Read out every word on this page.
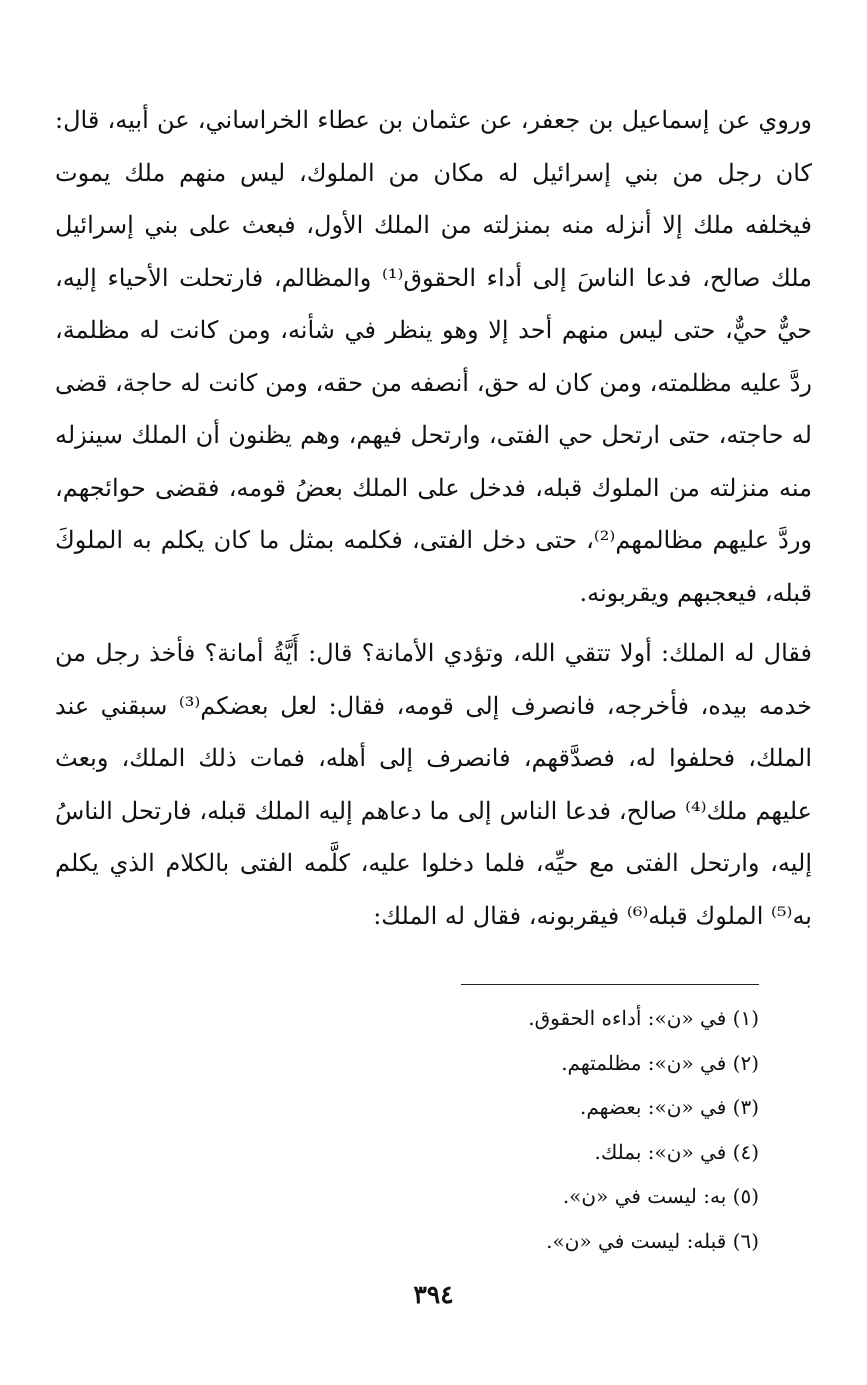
وروي عن إسماعيل بن جعفر، عن عثمان بن عطاء الخراساني، عن أبيه، قال: كان رجل من بني إسرائيل له مكان من الملوك، ليس منهم ملك يموت فيخلفه ملك إلا أنزله منه بمنزلته من الملك الأول، فبعث على بني إسرائيل ملك صالح، فدعا الناسَ إلى أداء الحقوق⁽¹⁾ والمظالم، فارتحلت الأحياء إليه، حيٌّ حيٌّ، حتى ليس منهم أحد إلا وهو ينظر في شأنه، ومن كانت له مظلمة، ردَّ عليه مظلمته، ومن كان له حق، أنصفه من حقه، ومن كانت له حاجة، قضى له حاجته، حتى ارتحل حي الفتى، وارتحل فيهم، وهم يظنون أن الملك سينزله منه منزلته من الملوك قبله، فدخل على الملك بعضُ قومه، فقضى حوائجهم، وردَّ عليهم مظالمهم⁽²⁾، حتى دخل الفتى، فكلمه بمثل ما كان يكلم به الملوكَ قبله، فيعجبهم ويقربونه.

فقال له الملك: أولا تتقي الله، وتؤدي الأمانة؟ قال: أَيَّةُ أمانة؟ فأخذ رجل من خدمه بيده، فأخرجه، فانصرف إلى قومه، فقال: لعل بعضكم⁽³⁾ سبقني عند الملك، فحلفوا له، فصدَّقهم، فانصرف إلى أهله، فمات ذلك الملك، وبعث عليهم ملك⁽⁴⁾ صالح، فدعا الناس إلى ما دعاهم إليه الملك قبله، فارتحل الناسُ إليه، وارتحل الفتى مع حيِّه، فلما دخلوا عليه، كلَّمه الفتى بالكلام الذي يكلم به⁽⁵⁾ الملوك قبله⁽⁶⁾ فيقربونه، فقال له الملك:

(١) في «ن»: أداءه الحقوق.
(٢) في «ن»: مظلمتهم.
(٣) في «ن»: بعضهم.
(٤) في «ن»: بملك.
(٥) به: ليست في «ن».
(٦) قبله: ليست في «ن».
٣٩٤
